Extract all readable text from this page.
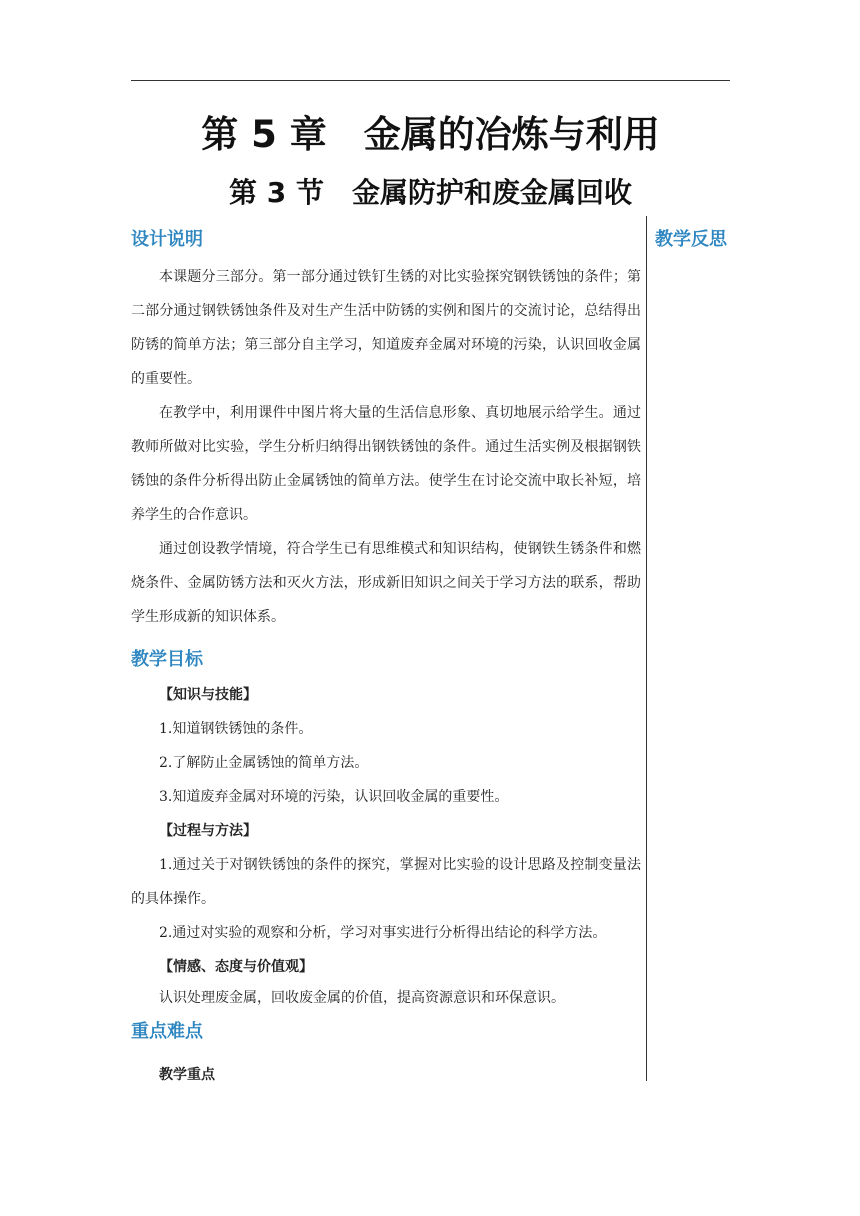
第 5 章　金属的冶炼与利用
第 3 节　金属防护和废金属回收
教学反思
设计说明

本课题分三部分。第一部分通过铁钉生锈的对比实验探究钢铁锈蚀的条件；第二部分通过钢铁锈蚀条件及对生产生活中防锈的实例和图片的交流讨论，总结得出防锈的简单方法；第三部分自主学习，知道废弃金属对环境的污染，认识回收金属的重要性。

在教学中，利用课件中图片将大量的生活信息形象、真切地展示给学生。通过教师所做对比实验，学生分析归纳得出钢铁锈蚀的条件。通过生活实例及根据钢铁锈蚀的条件分析得出防止金属锈蚀的简单方法。使学生在讨论交流中取长补短，培养学生的合作意识。

通过创设教学情境，符合学生已有思维模式和知识结构，使钢铁生锈条件和燃烧条件、金属防锈方法和灭火方法，形成新旧知识之间关于学习方法的联系，帮助学生形成新的知识体系。

教学目标

【知识与技能】

1.知道钢铁锈蚀的条件。

2.了解防止金属锈蚀的简单方法。

3.知道废弃金属对环境的污染，认识回收金属的重要性。

【过程与方法】

1.通过关于对钢铁锈蚀的条件的探究，掌握对比实验的设计思路及控制变量法的具体操作。

2.通过对实验的观察和分析，学习对事实进行分析得出结论的科学方法。

【情感、态度与价值观】

认识处理废金属，回收废金属的价值，提高资源意识和环保意识。

重点难点

教学重点
